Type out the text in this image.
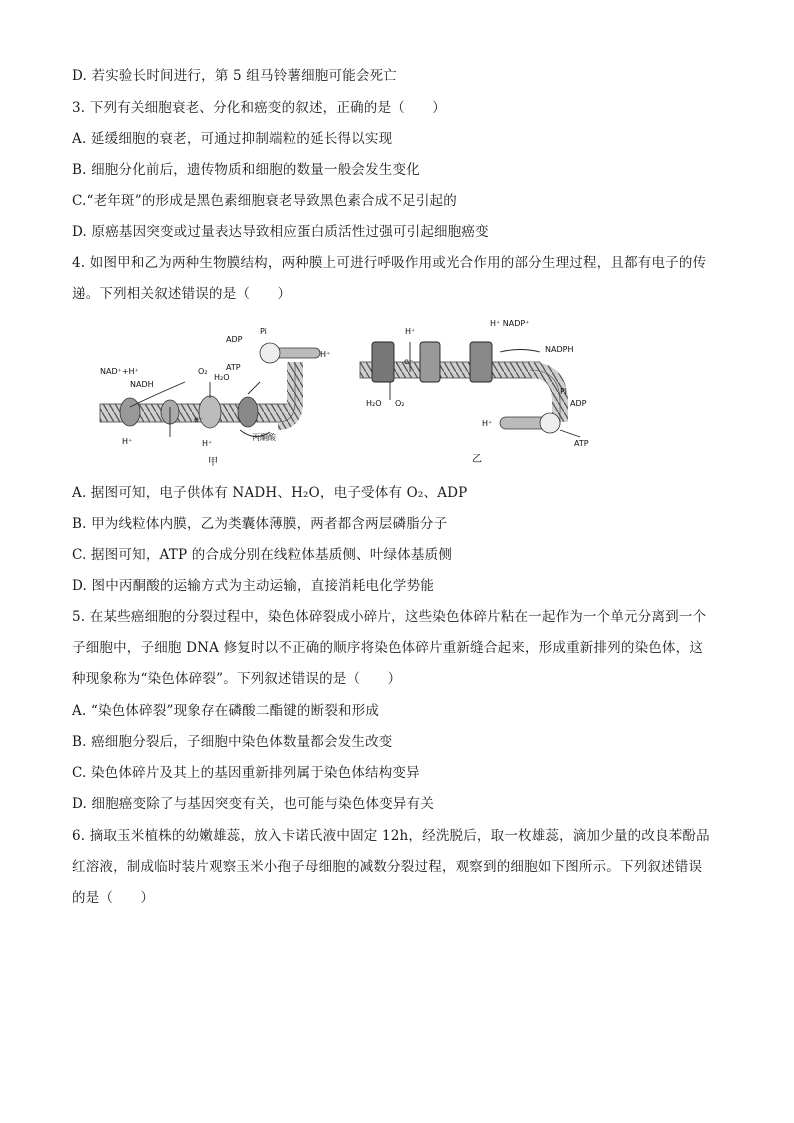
D. 若实验长时间进行，第 5 组马铃薯细胞可能会死亡
3. 下列有关细胞衰老、分化和癌变的叙述，正确的是（　　）
A. 延缓细胞的衰老，可通过抑制端粒的延长得以实现
B. 细胞分化前后，遗传物质和细胞的数量一般会发生变化
C.“老年斑”的形成是黑色素细胞衰老导致黑色素合成不足引起的
D. 原癌基因突变或过量表达导致相应蛋白质活性过强可引起细胞癌变
4. 如图甲和乙为两种生物膜结构，两种膜上可进行呼吸作用或光合作用的部分生理过程，且都有电子的传
递。下列相关叙述错误的是（　　）
ADP
Pi
ATP
H⁺
NAD⁺+H⁺
NADH
O₂
H₂O
e⁻
丙酮酸
H⁺	H⁺
甲
H⁺
H⁺ NADP⁺
NADPH
H₂O O₂
e⁻
Pi
ADP
H⁺
ATP
乙
A. 据图可知，电子供体有 NADH、H₂O，电子受体有 O₂、ADP
B. 甲为线粒体内膜，乙为类囊体薄膜，两者都含两层磷脂分子
C. 据图可知，ATP 的合成分别在线粒体基质侧、叶绿体基质侧
D. 图中丙酮酸的运输方式为主动运输，直接消耗电化学势能
5. 在某些癌细胞的分裂过程中，染色体碎裂成小碎片，这些染色体碎片粘在一起作为一个单元分离到一个
子细胞中，子细胞 DNA 修复时以不正确的顺序将染色体碎片重新缝合起来，形成重新排列的染色体，这
种现象称为“染色体碎裂”。下列叙述错误的是（　　）
A. “染色体碎裂”现象存在磷酸二酯键的断裂和形成
B. 癌细胞分裂后，子细胞中染色体数量都会发生改变
C. 染色体碎片及其上的基因重新排列属于染色体结构变异
D. 细胞癌变除了与基因突变有关，也可能与染色体变异有关
6. 摘取玉米植株的幼嫩雄蕊，放入卡诺氏液中固定 12h，经洗脱后，取一枚雄蕊，滴加少量的改良苯酚品
红溶液，制成临时装片观察玉米小孢子母细胞的减数分裂过程，观察到的细胞如下图所示。下列叙述错误
的是（　　）
